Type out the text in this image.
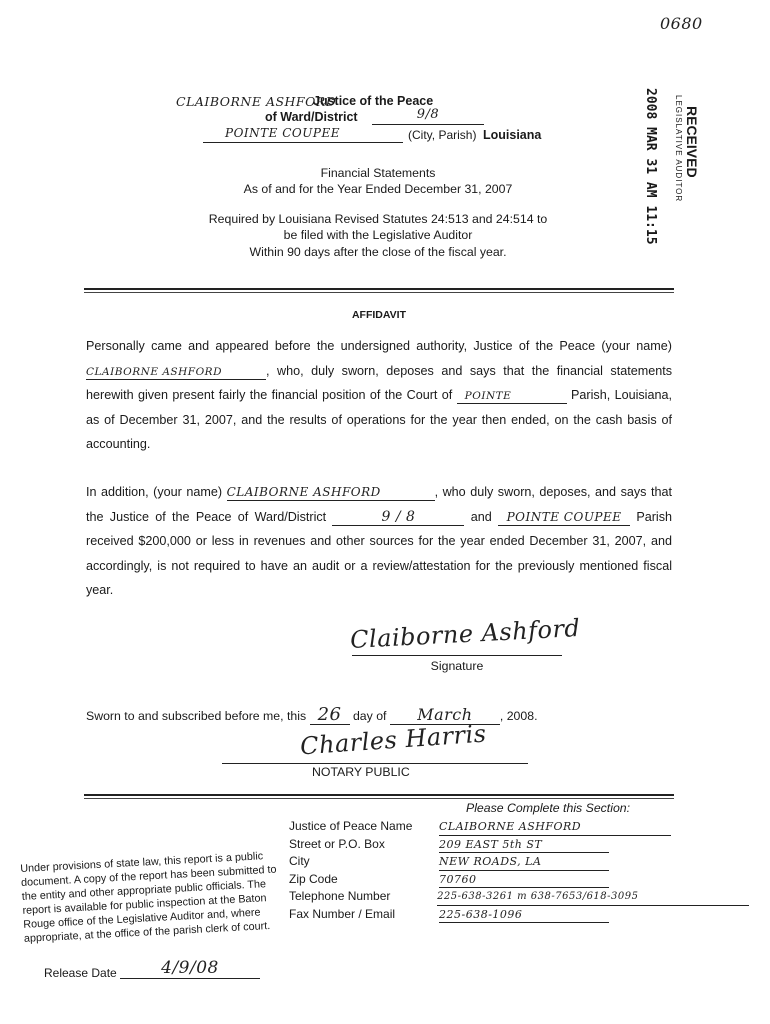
0680
CLAIBORNE ASHFORD
Justice of the Peace
of Ward/District	9/8
POINTE COUPEE	(City, Parish) Louisiana
Financial Statements
As of and for the Year Ended December 31, 2007
Required by Louisiana Revised Statutes 24:513 and 24:514 to
be filed with the Legislative Auditor
Within 90 days after the close of the fiscal year.
RECEIVED
LEGISLATIVE AUDITOR
2008 MAR 31 AM 11:15
AFFIDAVIT
Personally came and appeared before the undersigned authority, Justice of the Peace (your name) CLAIBORNE ASHFORD	, who, duly sworn, deposes and says that the financial statements herewith given present fairly the financial position of the Court of POINTE	Parish, Louisiana, as of December 31, 2007, and the results of operations for the year then ended, on the cash basis of accounting.
In addition, (your name) CLAIBORNE ASHFORD	, who duly sworn, deposes, and says that the Justice of the Peace of Ward/District	9 / 8	and POINTE COUPEE Parish received $200,000 or less in revenues and other sources for the year ended December 31, 2007, and accordingly, is not required to have an audit or a review/attestation for the previously mentioned fiscal year.
Claiborne Ashford
Signature
Sworn to and subscribed before me, this 26 day of March , 2008.
Charles Harris
NOTARY PUBLIC
Please Complete this Section:
Justice of Peace Name	CLAIBORNE ASHFORD
Street or P.O. Box	209 EAST 5th ST
City	NEW ROADS, LA
Zip Code	70760
Telephone Number	225-638-3261 m 638-7653/618-3095
Fax Number / Email	225-638-1096
Under provisions of state law, this report is a public document. A copy of the report has been submitted to the entity and other appropriate public officials. The report is available for public inspection at the Baton Rouge office of the Legislative Auditor and, where appropriate, at the office of the parish clerk of court.
Release Date	4/9/08
